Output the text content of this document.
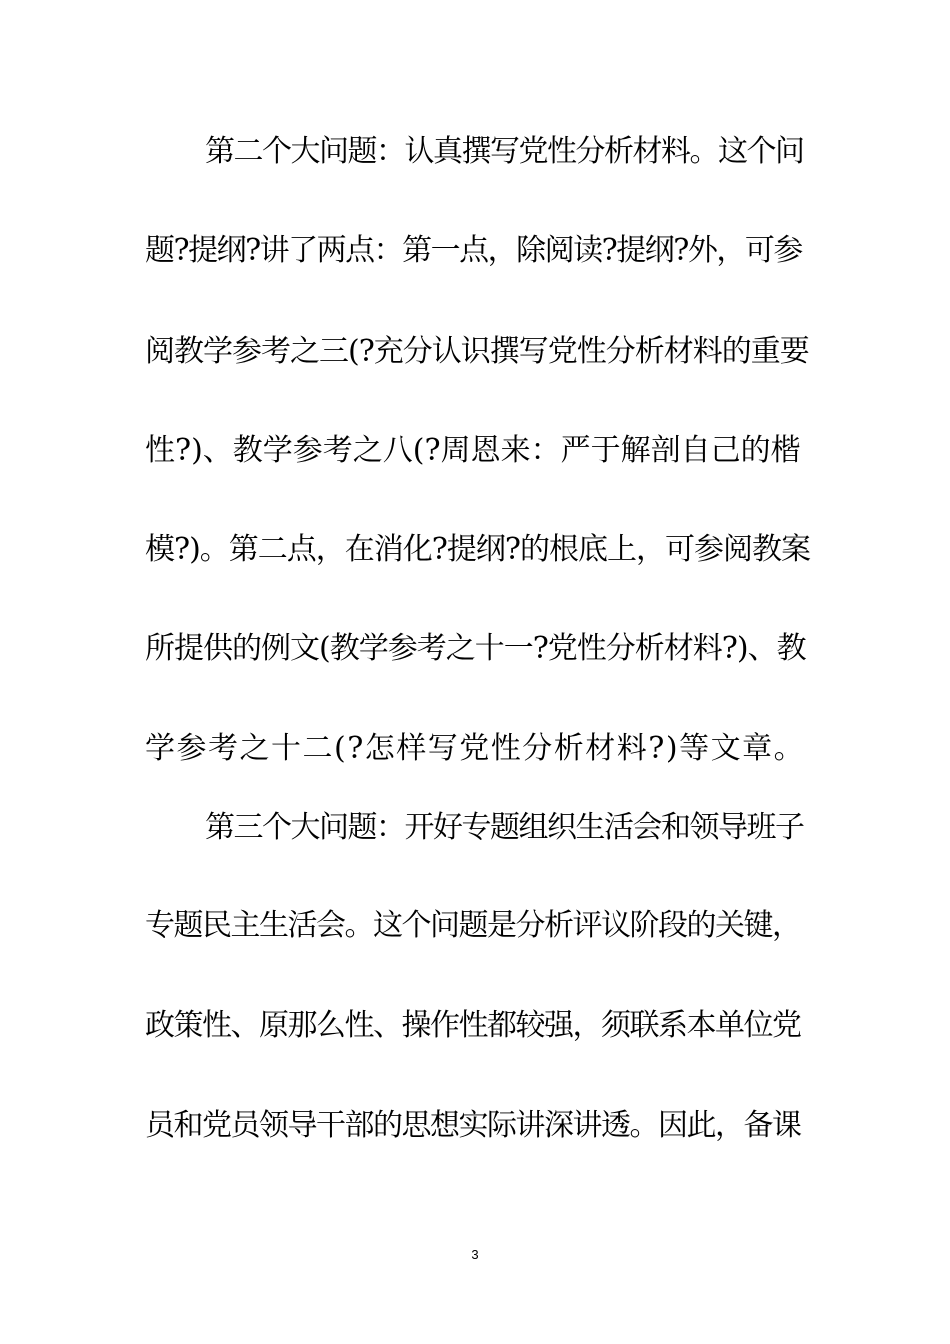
第二个大问题：认真撰写党性分析材料。这个问
题?提纲?讲了两点：第一点，除阅读?提纲?外，可参
阅教学参考之三(?充分认识撰写党性分析材料的重要
性?)、教学参考之八(?周恩来：严于解剖自己的楷
模?)。第二点，在消化?提纲?的根底上，可参阅教案
所提供的例文(教学参考之十一?党性分析材料?)、教
学参考之十二(?怎样写党性分析材料?)等文章。
第三个大问题：开好专题组织生活会和领导班子
专题民主生活会。这个问题是分析评议阶段的关键，
政策性、原那么性、操作性都较强，须联系本单位党
员和党员领导干部的思想实际讲深讲透。因此，备课
3
